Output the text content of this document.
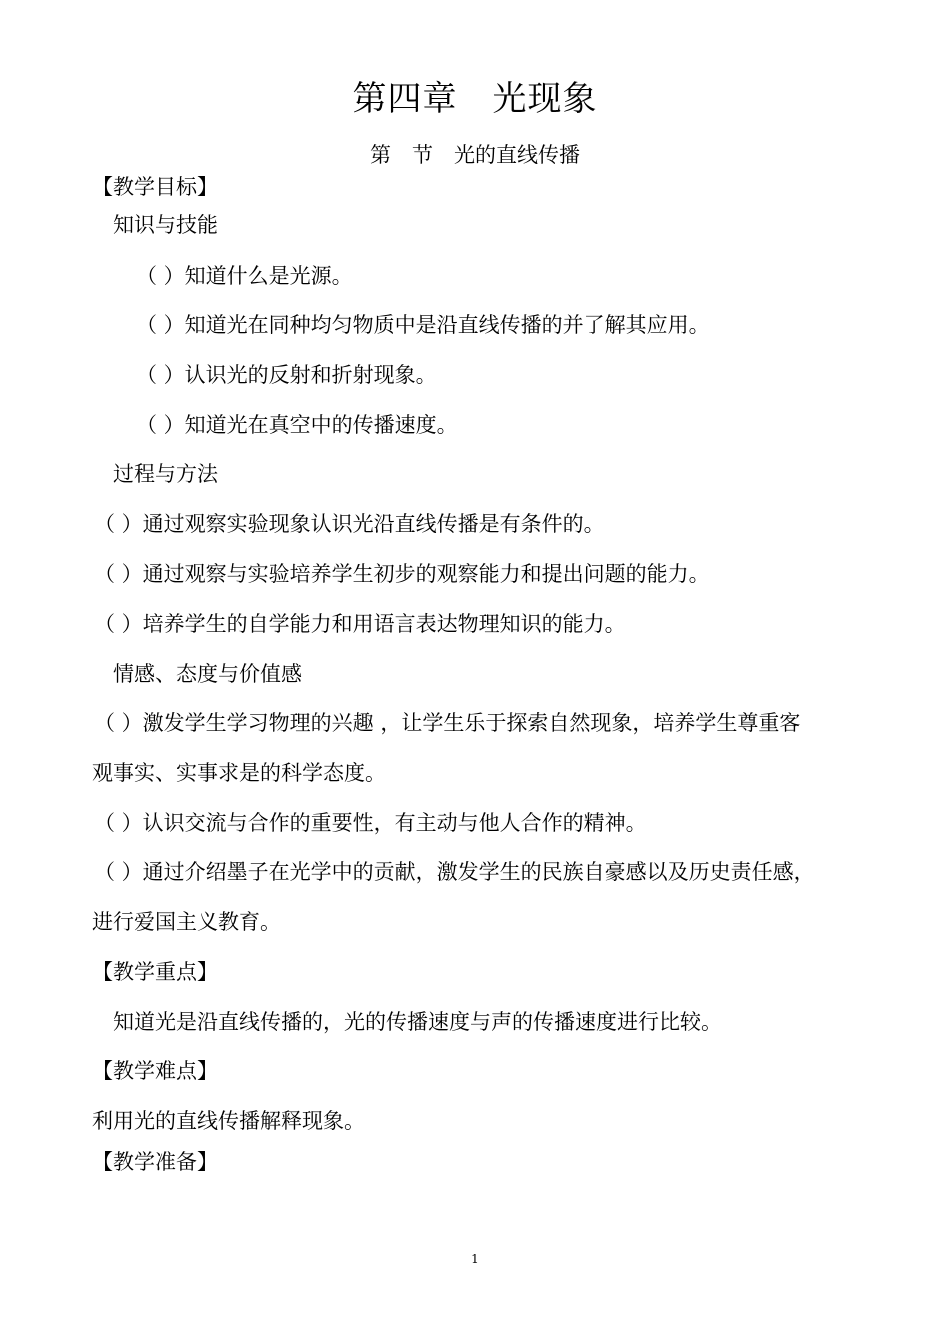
第四章　光现象
第　节　光的直线传播
【教学目标】
知识与技能
（ ）知道什么是光源。
（ ）知道光在同种均匀物质中是沿直线传播的并了解其应用。
（ ）认识光的反射和折射现象。
（ ）知道光在真空中的传播速度。
过程与方法
（ ）通过观察实验现象认识光沿直线传播是有条件的。
（ ）通过观察与实验培养学生初步的观察能力和提出问题的能力。
（ ）培养学生的自学能力和用语言表达物理知识的能力。
情感、态度与价值感
（ ）激发学生学习物理的兴趣 ，让学生乐于探索自然现象，培养学生尊重客
观事实、实事求是的科学态度。
（ ）认识交流与合作的重要性，有主动与他人合作的精神。
（ ）通过介绍墨子在光学中的贡献，激发学生的民族自豪感以及历史责任感，
进行爱国主义教育。
【教学重点】
知道光是沿直线传播的，光的传播速度与声的传播速度进行比较。
【教学难点】
利用光的直线传播解释现象。
【教学准备】
1
